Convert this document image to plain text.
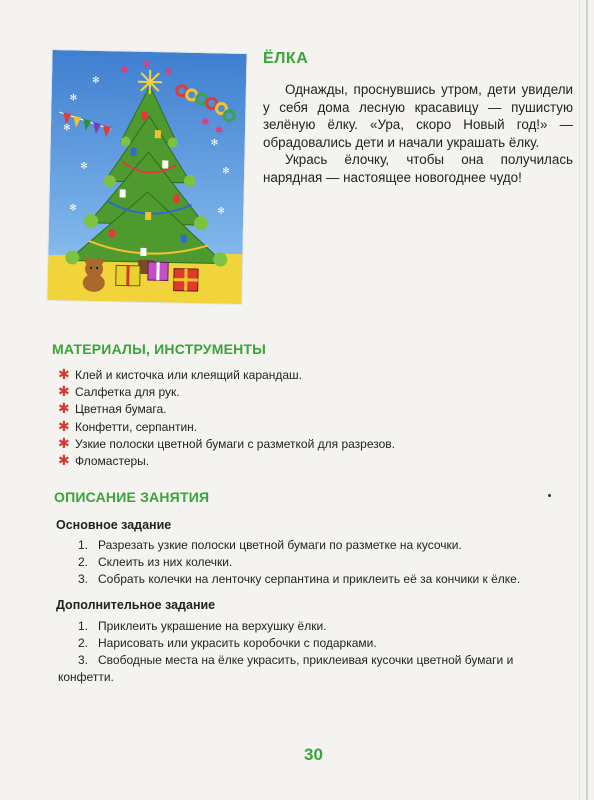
✻
✻
✻
✻
✻
✻
✻
✻
✱ ✱
✱
✱
✱
ЁЛКА

Однажды, проснувшись утром, дети увидели у себя дома лесную красавицу — пушистую зелёную ёлку. «Ура, скоро Новый год!» — обрадовались дети и начали украшать ёлку.

Укрась ёлочку, чтобы она получилась нарядная — настоящее новогоднее чудо!

МАТЕРИАЛЫ, ИНСТРУМЕНТЫ
✱ Клей и кисточка или клеящий карандаш.
✱ Салфетка для рук.
✱ Цветная бумага.
✱ Конфетти, серпантин.
✱ Узкие полоски цветной бумаги с разметкой для разрезов.
✱ Фломастеры.
ОПИСАНИЕ ЗАНЯТИЯ
Основное задание
1. Разрезать узкие полоски цветной бумаги по разметке на кусочки.
2. Склеить из них колечки.
3. Собрать колечки на ленточку серпантина и приклеить её за кончики к ёлке.
Дополнительное задание
1. Приклеить украшение на верхушку ёлки.
2. Нарисовать или украсить коробочки с подарками.
3. Свободные места на ёлке украсить, приклеивая кусочки цветной бумаги и
конфетти.
30
